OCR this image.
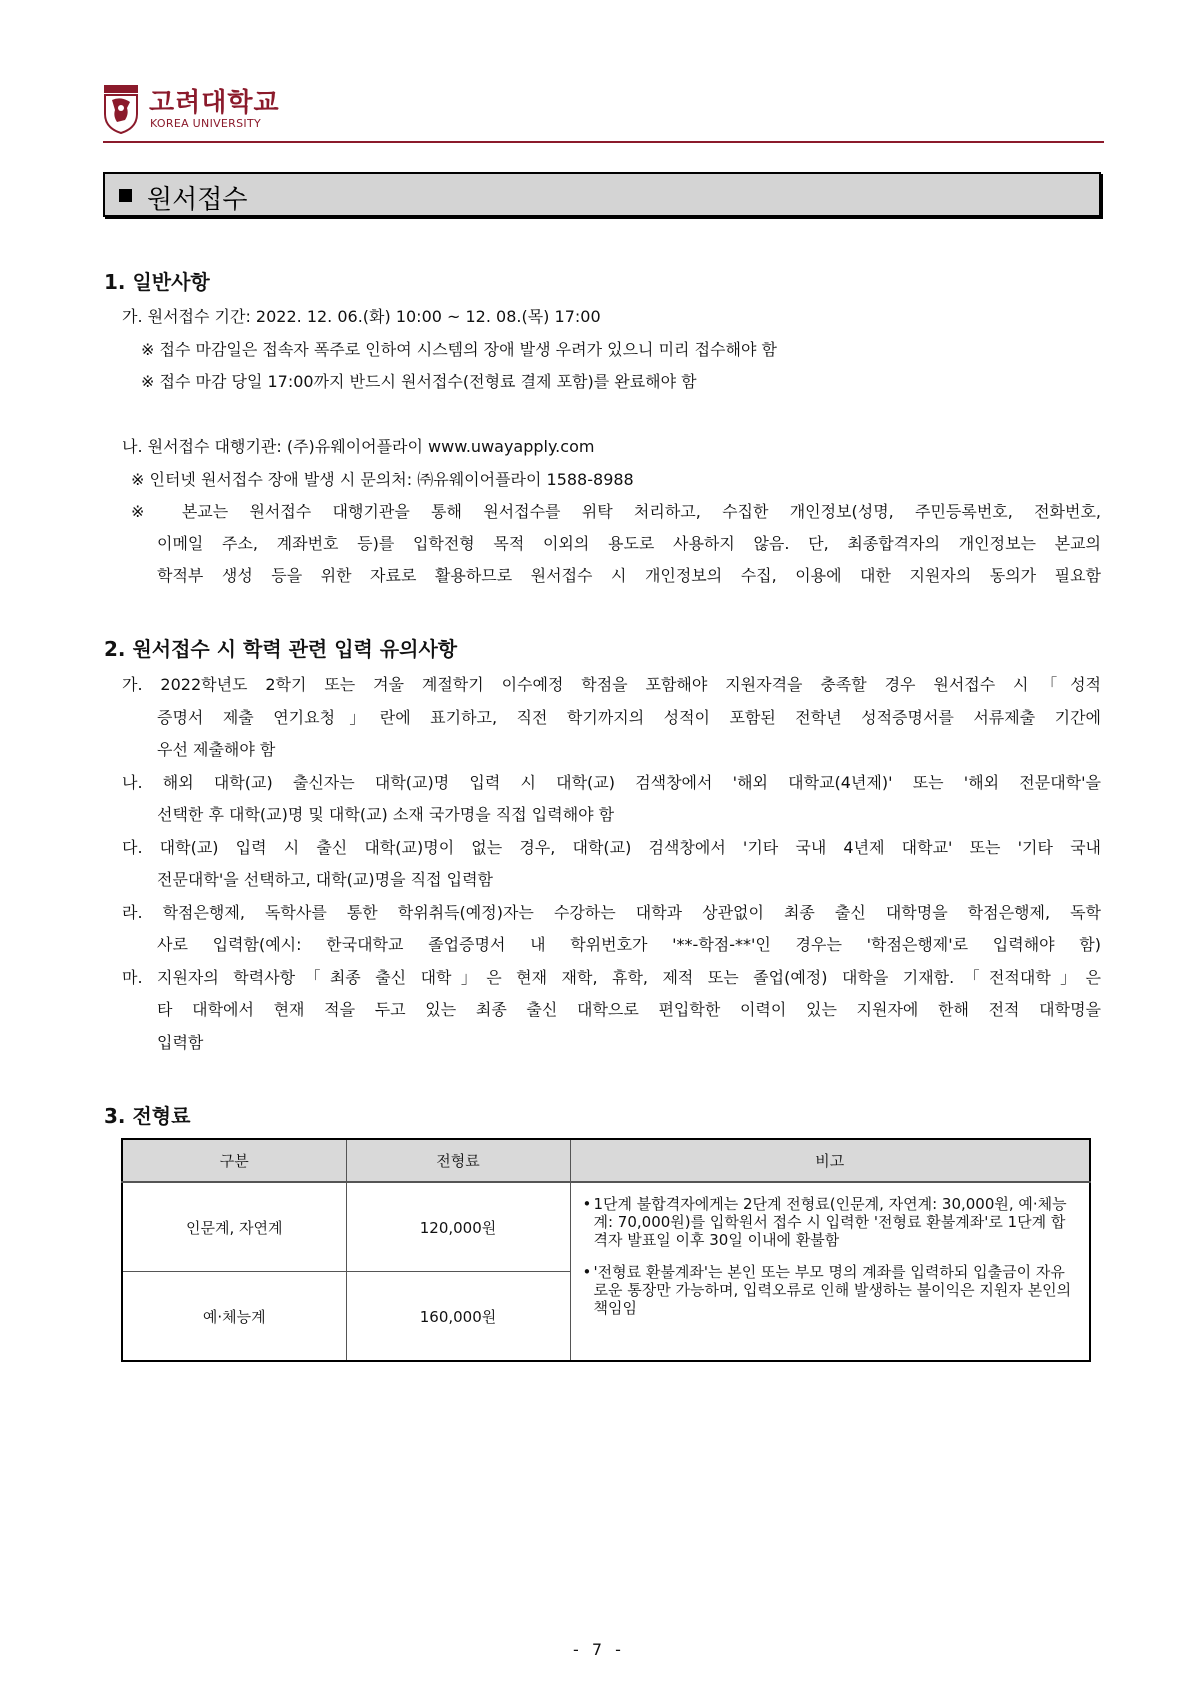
고려대학교
KOREA UNIVERSITY
원서접수
1. 일반사항
가. 원서접수 기간: 2022. 12. 06.(화) 10:00 ~ 12. 08.(목) 17:00
※ 접수 마감일은 접속자 폭주로 인하여 시스템의 장애 발생 우려가 있으니 미리 접수해야 함
※ 접수 마감 당일 17:00까지 반드시 원서접수(전형료 결제 포함)를 완료해야 함
나. 원서접수 대행기관: (주)유웨이어플라이 www.uwayapply.com
※ 인터넷 원서접수 장애 발생 시 문의처: ㈜유웨이어플라이 1588-8988
※ 본교는 원서접수 대행기관을 통해 원서접수를 위탁 처리하고, 수집한 개인정보(성명, 주민등록번호, 전화번호,
이메일 주소, 계좌번호 등)를 입학전형 목적 이외의 용도로 사용하지 않음. 단, 최종합격자의 개인정보는 본교의
학적부 생성 등을 위한 자료로 활용하므로 원서접수 시 개인정보의 수집, 이용에 대한 지원자의 동의가 필요함
2. 원서접수 시 학력 관련 입력 유의사항
가. 2022학년도 2학기 또는 겨울 계절학기 이수예정 학점을 포함해야 지원자격을 충족할 경우 원서접수 시「성적
증명서 제출 연기요청」란에 표기하고, 직전 학기까지의 성적이 포함된 전학년 성적증명서를 서류제출 기간에
우선 제출해야 함
나. 해외 대학(교) 출신자는 대학(교)명 입력 시 대학(교) 검색창에서 '해외 대학교(4년제)' 또는 '해외 전문대학'을
선택한 후 대학(교)명 및 대학(교) 소재 국가명을 직접 입력해야 함
다. 대학(교) 입력 시 출신 대학(교)명이 없는 경우, 대학(교) 검색창에서 '기타 국내 4년제 대학교' 또는 '기타 국내
전문대학'을 선택하고, 대학(교)명을 직접 입력함
라. 학점은행제, 독학사를 통한 학위취득(예정)자는 수강하는 대학과 상관없이 최종 출신 대학명을 학점은행제, 독학
사로 입력함(예시: 한국대학교 졸업증명서 내 학위번호가 '**-학점-**'인 경우는 '학점은행제'로 입력해야 함)
마. 지원자의 학력사항「최종 출신 대학」은 현재 재학, 휴학, 제적 또는 졸업(예정) 대학을 기재함.「전적대학」은
타 대학에서 현재 적을 두고 있는 최종 출신 대학으로 편입학한 이력이 있는 지원자에 한해 전적 대학명을
입력함
3. 전형료
구분	전형료	비고
인문계, 자연계	120,000원	• 1단계 불합격자에게는 2단계 전형료(인문계, 자연계: 30,000원, 예·체능계: 70,000원)를 입학원서 접수 시 입력한 '전형료 환불계좌'로 1단계 합격자 발표일 이후 30일 이내에 환불함
• '전형료 환불계좌'는 본인 또는 부모 명의 계좌를 입력하되 입출금이 자유로운 통장만 가능하며, 입력오류로 인해 발생하는 불이익은 지원자 본인의 책임임

예·체능계	160,000원	
- 7 -
